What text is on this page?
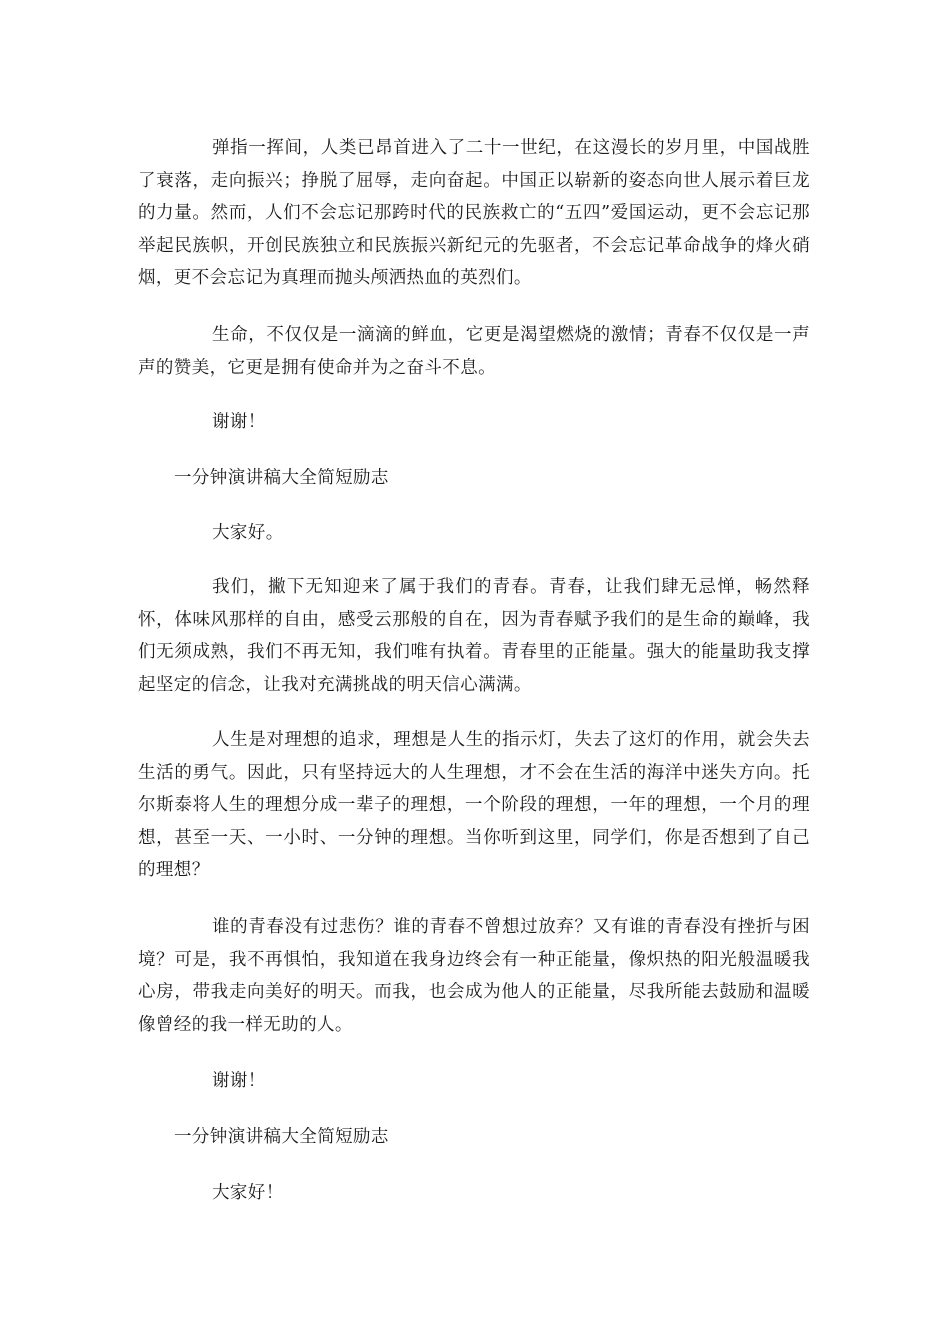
弹指一挥间，人类已昂首进入了二十一世纪，在这漫长的岁月里，中国战胜了衰落，走向振兴；挣脱了屈辱，走向奋起。中国正以崭新的姿态向世人展示着巨龙的力量。然而，人们不会忘记那跨时代的民族救亡的“五四”爱国运动，更不会忘记那举起民族帜，开创民族独立和民族振兴新纪元的先驱者，不会忘记革命战争的烽火硝烟，更不会忘记为真理而抛头颅洒热血的英烈们。

生命，不仅仅是一滴滴的鲜血，它更是渴望燃烧的激情；青春不仅仅是一声声的赞美，它更是拥有使命并为之奋斗不息。

谢谢！

一分钟演讲稿大全简短励志

大家好。

我们，撇下无知迎来了属于我们的青春。青春，让我们肆无忌惮，畅然释怀，体味风那样的自由，感受云那般的自在，因为青春赋予我们的是生命的巅峰，我们无须成熟，我们不再无知，我们唯有执着。青春里的正能量。强大的能量助我支撑起坚定的信念，让我对充满挑战的明天信心满满。

人生是对理想的追求，理想是人生的指示灯，失去了这灯的作用，就会失去生活的勇气。因此，只有坚持远大的人生理想，才不会在生活的海洋中迷失方向。托尔斯泰将人生的理想分成一辈子的理想，一个阶段的理想，一年的理想，一个月的理想，甚至一天、一小时、一分钟的理想。当你听到这里，同学们，你是否想到了自己的理想？

谁的青春没有过悲伤？谁的青春不曾想过放弃？又有谁的青春没有挫折与困境？可是，我不再惧怕，我知道在我身边终会有一种正能量，像炽热的阳光般温暖我心房，带我走向美好的明天。而我，也会成为他人的正能量，尽我所能去鼓励和温暖像曾经的我一样无助的人。

谢谢！

一分钟演讲稿大全简短励志

大家好！
